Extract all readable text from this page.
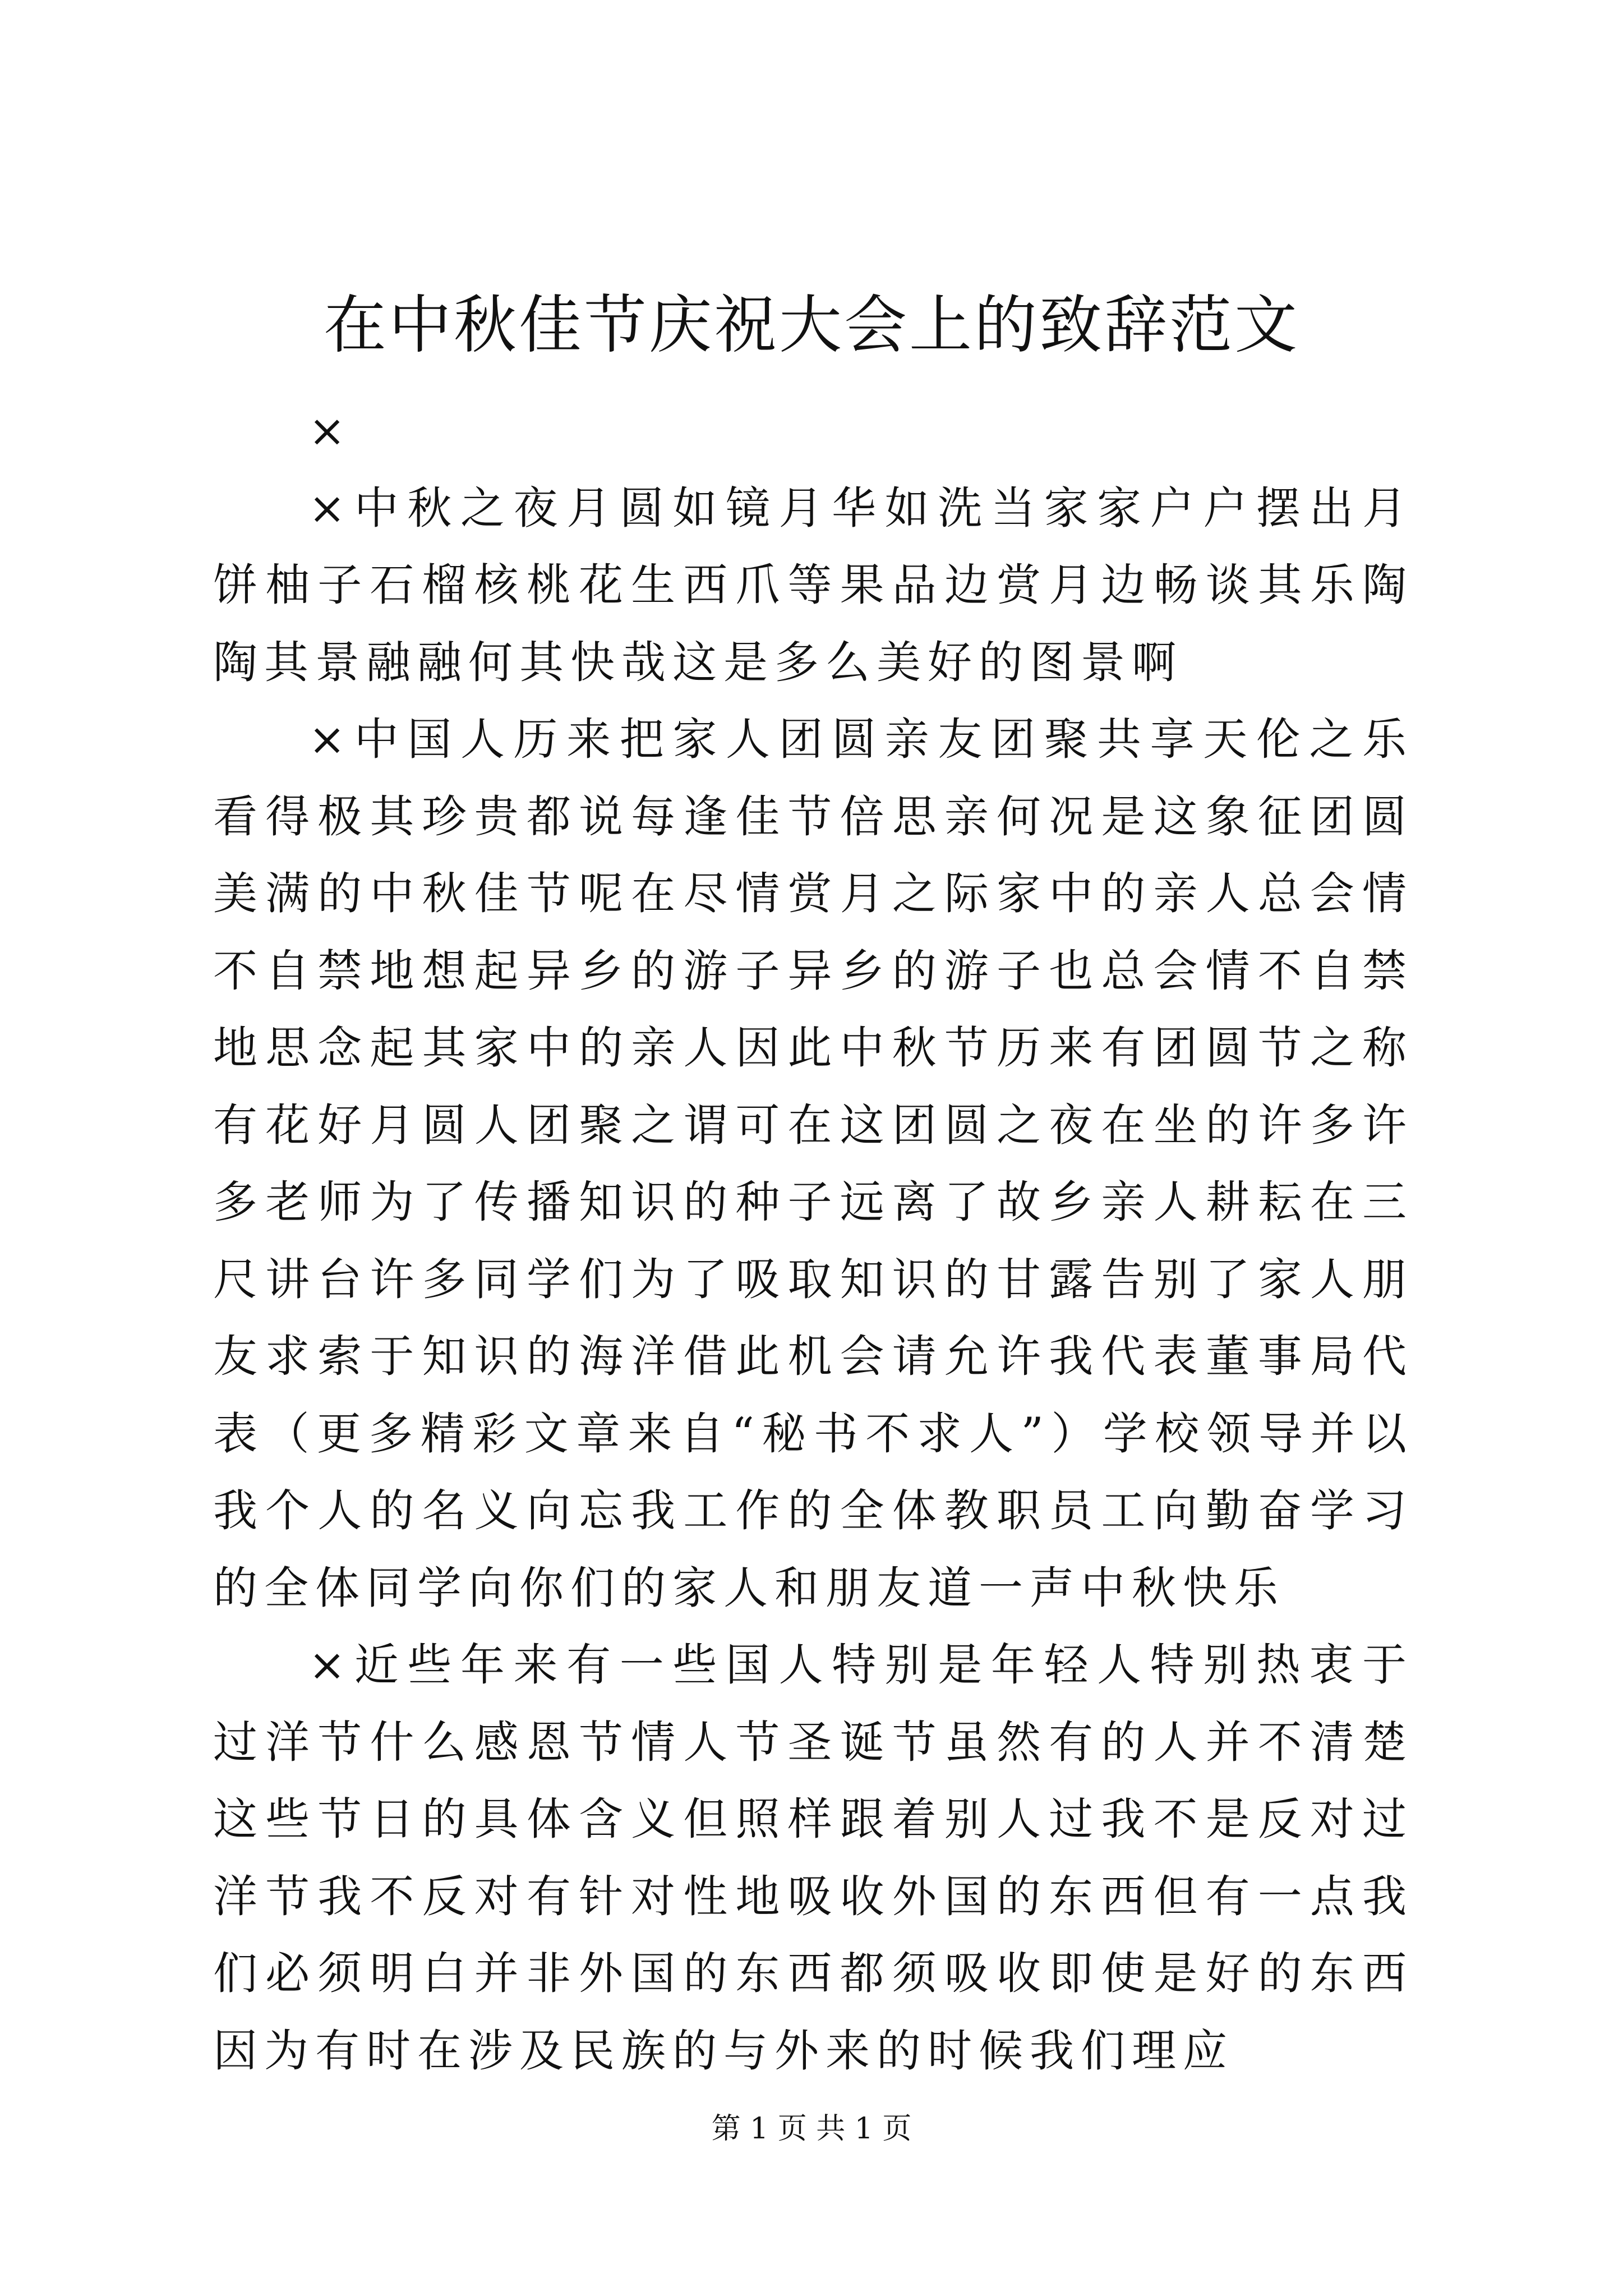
在中秋佳节庆祝大会上的致辞范文

×

×中秋之夜月圆如镜月华如洗当家家户户摆出月饼柚子石榴核桃花生西爪等果品边赏月边畅谈其乐陶陶其景融融何其快哉这是多么美好的图景啊

×中国人历来把家人团圆亲友团聚共享天伦之乐看得极其珍贵都说每逢佳节倍思亲何况是这象征团圆美满的中秋佳节呢在尽情赏月之际家中的亲人总会情不自禁地想起异乡的游子异乡的游子也总会情不自禁地思念起其家中的亲人因此中秋节历来有团圆节之称有花好月圆人团聚之谓可在这团圆之夜在坐的许多许多老师为了传播知识的种子远离了故乡亲人耕耘在三尺讲台许多同学们为了吸取知识的甘露告别了家人朋友求索于知识的海洋借此机会请允许我代表董事局代表（更多精彩文章来自“秘书不求人”）学校领导并以我个人的名义向忘我工作的全体教职员工向勤奋学习的全体同学向你们的家人和朋友道一声中秋快乐

×近些年来有一些国人特别是年轻人特别热衷于过洋节什么感恩节情人节圣诞节虽然有的人并不清楚这些节日的具体含义但照样跟着别人过我不是反对过洋节我不反对有针对性地吸收外国的东西但有一点我们必须明白并非外国的东西都须吸收即使是好的东西因为有时在涉及民族的与外来的时候我们理应

第 1 页 共 1 页
